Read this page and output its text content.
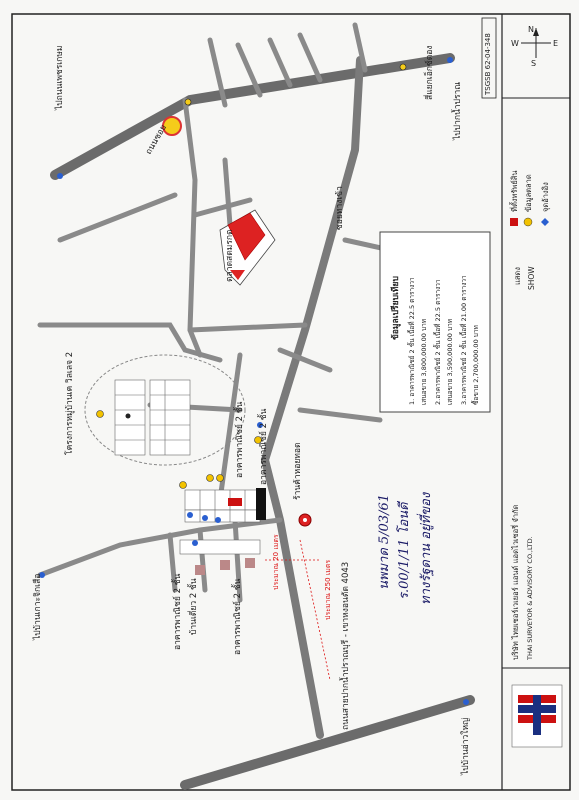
ไปถนนเพชรเกษม
ไปบ้านเกาะจิกเสือ
สี่แยกเอ็กซ์ดอง
ไปปากน้ำปราณ
ไปบ้านอ่าวใหญ่
ตลาดสดมรกต
โครงการหมู่บ้านเค วิลเลจ 2	อาคารพาณิชย์ 2 ชั้น
อาคารพาณิชย์ 2 ชั้น
บ้านเดี่ยว 2 ชั้น
อาคารพาณิชย์ 2 ชั้น	อาคารพาณิชย์ 2 ชั้น
ร้านค้าหอยทอด
ถนนสายปากน้ำปราณบุรี - เขาหงอนตัด 4043
ซอยทางเข้า
ถนนซอย
ประมาณ 20 เมตร	ประมาณ 250 เมตร	นพมาด 5/03/61 ร.00/1/11 โอนดี ทางรัฐดาน อยู่ที่ของ
ข้อมูลเปรียบเทียบ 1. อาคารพาณิชย์ 2 ชั้น เนื้อที่ 22.5 ตารางวา เสนอขาย 3,800,000.00 บาท 2.อาคารพาณิชย์ 2 ชั้น เนื้อที่ 22.5 ตารางวา เสนอขาย 3,590,000.00 บาท 3.อาคารพาณิชย์ 2 ชั้น เนื้อที่ 21.00 ตารางวา ซื้อขาย 2,700,000.00 บาท
N
S
E
W
TSGSB 62-04-348
แสดง SHOW
ที่ตั้งทรัพย์สิน ข้อมูลตลาด จุดอ้างอิง
บริษัท ไทยเซอร์เวเยอร์ แอนด์ แอดไวเซอรี่ จำกัด THAI SURVEYOR & ADVISORY CO.,LTD.
